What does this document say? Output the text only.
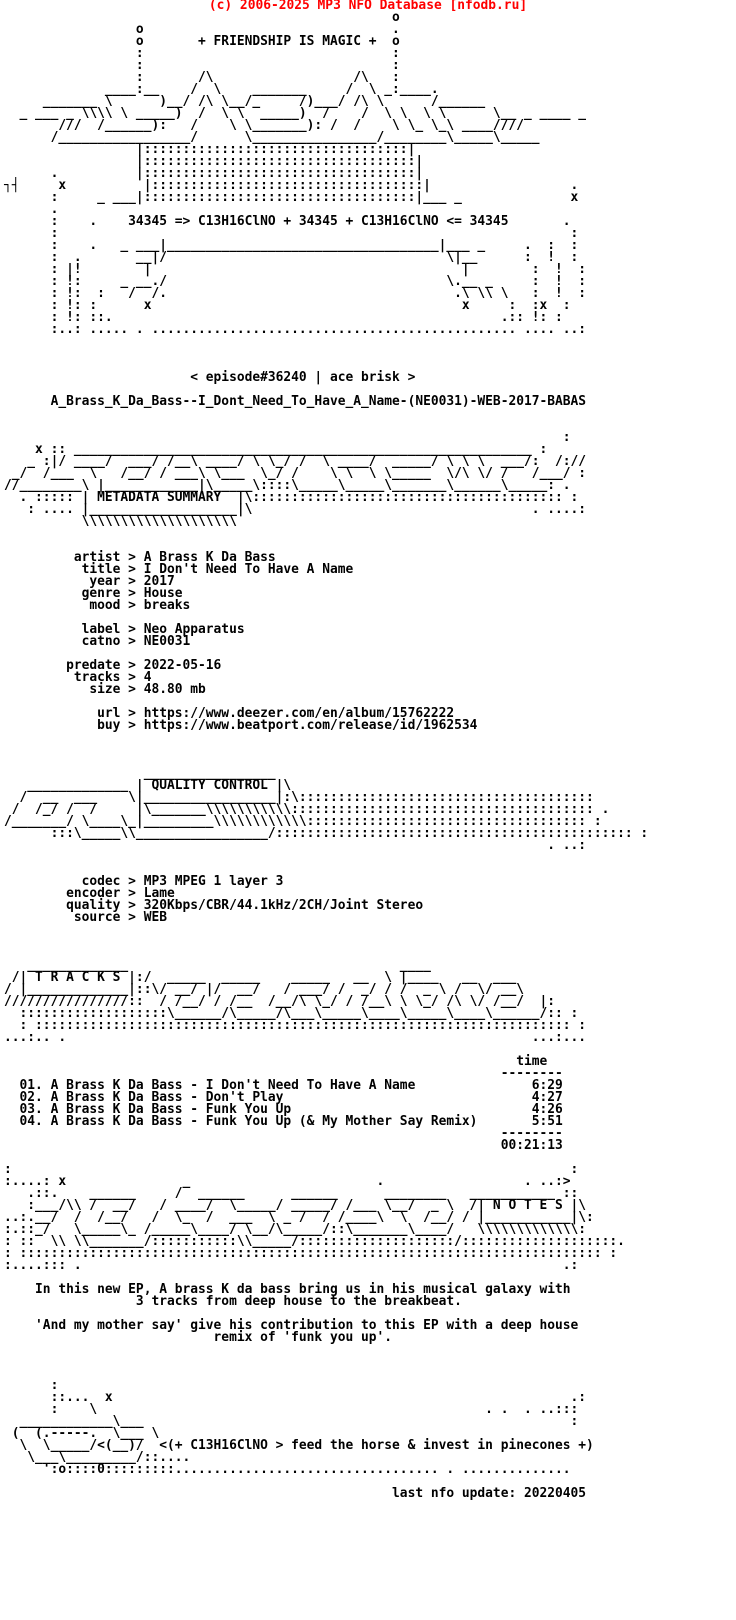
(c) 2006-2025 MP3 NFO Database [nfodb.ru]

o
o                                .
o       + FRIENDSHIP IS MAGIC +  o
:                                :
:                                :
:       /\                  /\   :
____:__    /  \    _______     /  \ _:____.
_______ \      )__/ /\ \__/_     /)___/ /\ \      /______
_ ___ _ \\\\ \ _____)  /  \ \  _____)  /    /  \ \  \ \      \__ _ ____ _
///  /______):   /    \ \_______): /  /    \ \_ \_\ ____////
/_________________/      \________________/________\_____\_____
|::::::::::::::::::::::::::::::::::|
|:::::::::::::::::::::::::::::::::::|
.          |:::::::::::::::::::::::::::::::::::|
┐┤     x          |:::::::::::::::::::::::::::::::::::|                  .
:     _ ___|:::::::::::::::::::::::::::::::::::|___ _              x
.
:    .    34345 => C13H16ClNO + 34345 + C13H16ClNO <= 34345       .
:                                                                  :
:    .   _ ___|___________________________________|___ _     .  :  :
:  .       __|/                                    \|__      :  !  :
: |!        |                                        |        :  !  :
: !:     _ __./                                    \.__ _     :  !  :
: !:  :   /  /.                                     .\ \\ \   :  !  :
: !: :      x                                        x     :  :x  :
: !: ::.                                                  .:: !: :
:..: ..... . ............................................... .... ..:

< episode#36240 | ace brisk >

A_Brass_K_Da_Bass--I_Dont_Need_To_Have_A_Name-(NE0031)-WEB-2017-BABAS

:
x :: ___________________________________________________________ :
_ :|/ ____/  ___/ /__\ ____/ \ \_/ /  \ ____/  _____/ \ \ \  ___/:  /://
_/  /___  \   /__/ / ___\ \___  \_/ /    \ \  \ \_____  \/\ \/ /   /___/ :
//________\ |____________|\_____\::::\_____\_____\_______\______\_____: .
. ::::: | METADATA SUMMARY  |\:::::::::::::::::::::::::::::::::::::::: :
: .... |___________________|\                                    . ....:
\\\\\\\\\\\\\\\\\\\\

artist > A Brass K Da Bass
title > I Don't Need To Have A Name
year > 2017
genre > House
mood > breaks

label > Neo Apparatus
catno > NE0031

predate > 2022-05-16
tracks > 4
size > 48.80 mb

url > https://www.deezer.com/en/album/15762222
buy > https://www.beatport.com/release/id/1962534

_________________
_____________ | QUALITY CONTROL |\
/  __  ___    \|_________________|:\::::::::::::::::::::::::::::::::::::::
/  /_/ /  /     |\_______\\\\\\\\\\\::::::::::::::::::::::::::::::::::::::: .
/_______/ \____\_|_________\\\\\\\\\\\\:::::::::::::::::::::::::::::::::::: :
:::\_____\\_________________/:::::::::::::::::::::::::::::::::::::::::::::: :
. ..:

codec > MP3 MPEG 1 layer 3
encoder > Lame
quality > 320Kbps/CBR/44.1kHz/2CH/Joint Stereo
source > WEB

_____________                                   ____
/| T R A C K S |:/  _____  _____    _____   __  \ |____   __  ___
/ |_____________|::\/ __/ |/  __/   / ___/ /  _/ / /  _ \ /  \/ __\
////////////////::  / /__/ / /__  /__/\ \_/ / /__\ \ \_/ /\ \/ /__/  |:
:::::::::::::::::::\______/\_____/\___\_____\____\_____\____\______/:: :
: ::::::::::::::::::::::::::::::::::::::::::::::::::::::::::::::::::::: :
...:.. .                                                            ...:...

time
--------
01. A Brass K Da Bass - I Don't Need To Have A Name               6:29
02. A Brass K Da Bass - Don't Play                                4:27
03. A Brass K Da Bass - Funk You Up                               4:26
04. A Brass K Da Bass - Funk You Up (& My Mother Say Remix)       5:51
--------
00:21:13

:                                                                        :
:....: x               _                        .                  . ..:>
.::.    ______     /  ______      ______      ________   ___________ ::
:___/\\ /  __/   / ____/  \_____/ _____/ /___ \__/  _ \  /| N O T E S |\
..:.__/  /  /__/   /  \_  /  ___  \ _ /  / /____\  \  /__/ / |___________|\:
:.::_/   \_____\_ /_____\____/ \__/\_____/::\_______\____/   \\\\\\\\\\\\\:
: ::  \\ \\_______/:::::::::::\\_____/::::::::::::::::::::/::::::::::::::::::::.
: ::::::::::::::::::::::::::::::::::::::::::::::::::::::::::::::::::::::::::: :
:....::: .                                                              .:

In this new EP, A brass K da bass bring us in his musical galaxy with
3 tracks from deep house to the breakbeat.

'And my mother say' give his contribution to this EP with a deep house
remix of 'funk you up'.

:
::...  x                                                           .:
:    \                                                  . .  . ..:::
____________\___                                                       :
(  (.-----.  \___ \
\  \_____/<(__)/  <(+ C13H16ClNO > feed the horse & invest in pinecones +)
\___\_________/::....
':o::::0:::::::::.................................. . ..............

last nfo update: 20220405
